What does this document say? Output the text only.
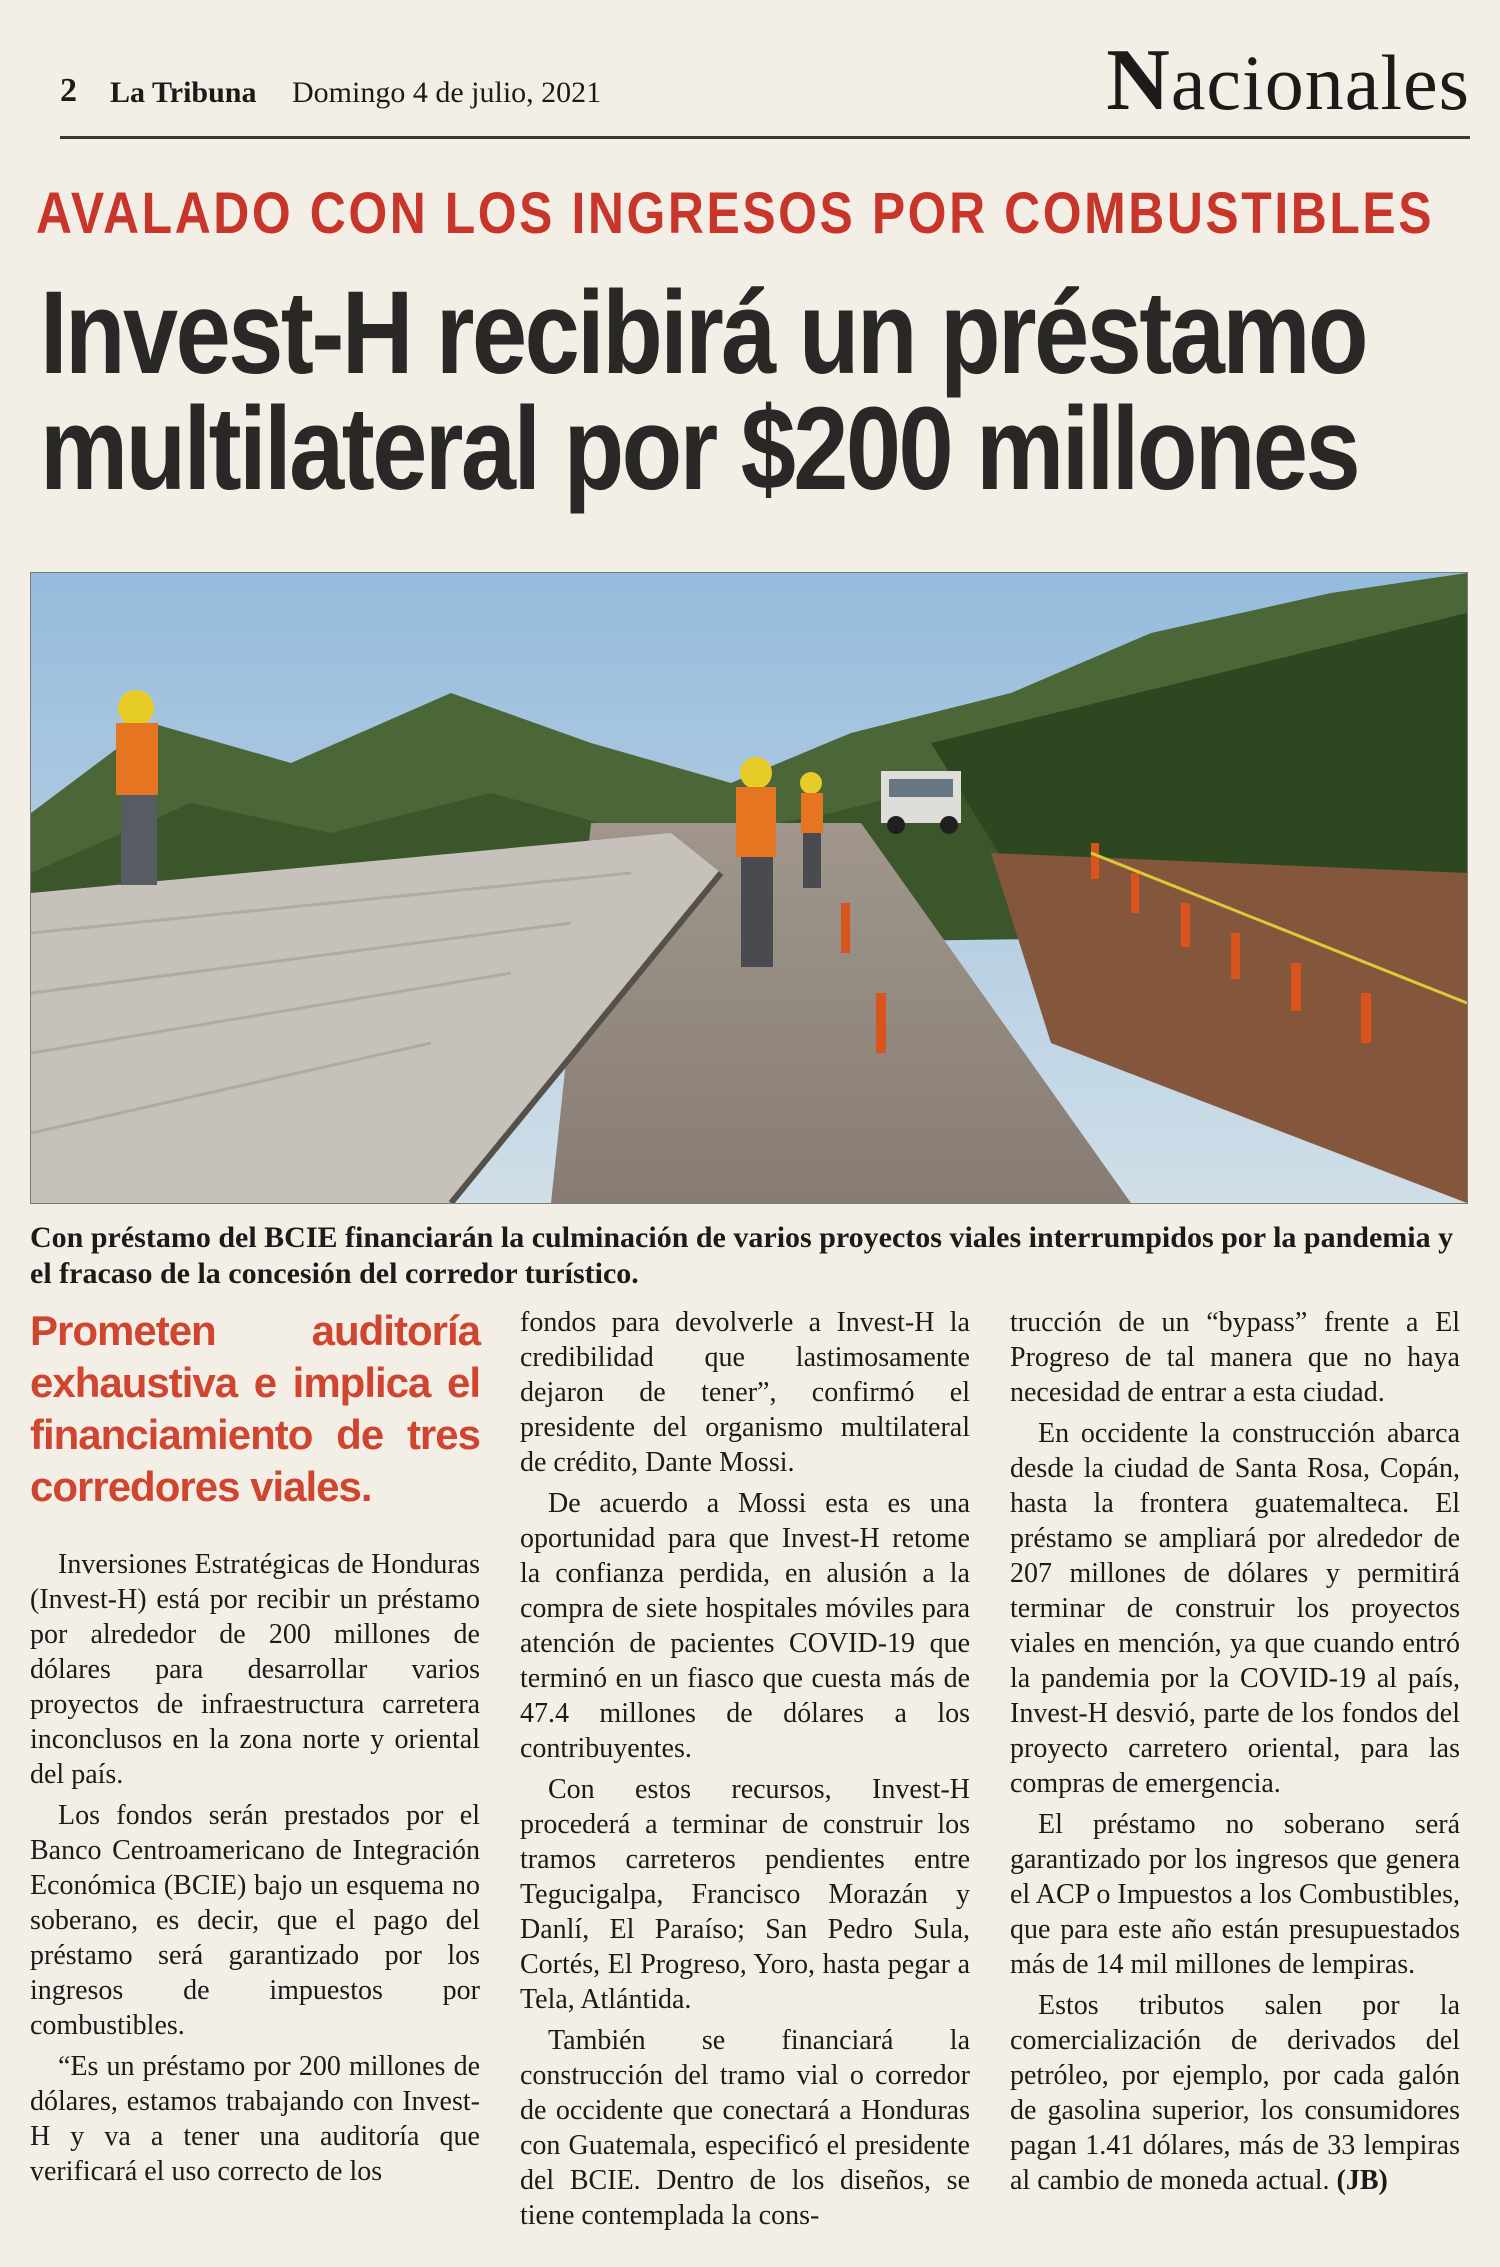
2 La Tribuna Domingo 4 de julio, 2021	Nacionales
AVALADO CON LOS INGRESOS POR COMBUSTIBLES
Invest-H recibirá un préstamo
multilateral por $200 millones
Con préstamo del BCIE financiarán la culminación de varios proyectos viales interrumpidos por la pandemia y el fracaso de la concesión del corredor turístico.
Prometen auditoría exhaustiva e implica el financiamiento de tres corredores viales.

Inversiones Estratégicas de Honduras (Invest-H) está por recibir un préstamo por alrededor de 200 millones de dólares para desarrollar varios proyectos de infraestructura carretera inconclusos en la zona norte y oriental del país.

Los fondos serán prestados por el Banco Centroamericano de Integración Económica (BCIE) bajo un esquema no soberano, es decir, que el pago del préstamo será garantizado por los ingresos de impuestos por combustibles.

“Es un préstamo por 200 millones de dólares, estamos trabajando con Invest-H y va a tener una auditoría que verificará el uso correcto de los

fondos para devolverle a Invest-H la credibilidad que lastimosamente dejaron de tener”, confirmó el presidente del organismo multilateral de crédito, Dante Mossi.

De acuerdo a Mossi esta es una oportunidad para que Invest-H retome la confianza perdida, en alusión a la compra de siete hospitales móviles para atención de pacientes COVID-19 que terminó en un fiasco que cuesta más de 47.4 millones de dólares a los contribuyentes.

Con estos recursos, Invest-H procederá a terminar de construir los tramos carreteros pendientes entre Tegucigalpa, Francisco Morazán y Danlí, El Paraíso; San Pedro Sula, Cortés, El Progreso, Yoro, hasta pegar a Tela, Atlántida.

También se financiará la construcción del tramo vial o corredor de occidente que conectará a Honduras con Guatemala, especificó el presidente del BCIE. Dentro de los diseños, se tiene contemplada la cons-

trucción de un “bypass” frente a El Progreso de tal manera que no haya necesidad de entrar a esta ciudad.

En occidente la construcción abarca desde la ciudad de Santa Rosa, Copán, hasta la frontera guatemalteca. El préstamo se ampliará por alrededor de 207 millones de dólares y permitirá terminar de construir los proyectos viales en mención, ya que cuando entró la pandemia por la COVID-19 al país, Invest-H desvió, parte de los fondos del proyecto carretero oriental, para las compras de emergencia.

El préstamo no soberano será garantizado por los ingresos que genera el ACP o Impuestos a los Combustibles, que para este año están presupuestados más de 14 mil millones de lempiras.

Estos tributos salen por la comercialización de derivados del petróleo, por ejemplo, por cada galón de gasolina superior, los consumidores pagan 1.41 dólares, más de 33 lempiras al cambio de moneda actual. (JB)
